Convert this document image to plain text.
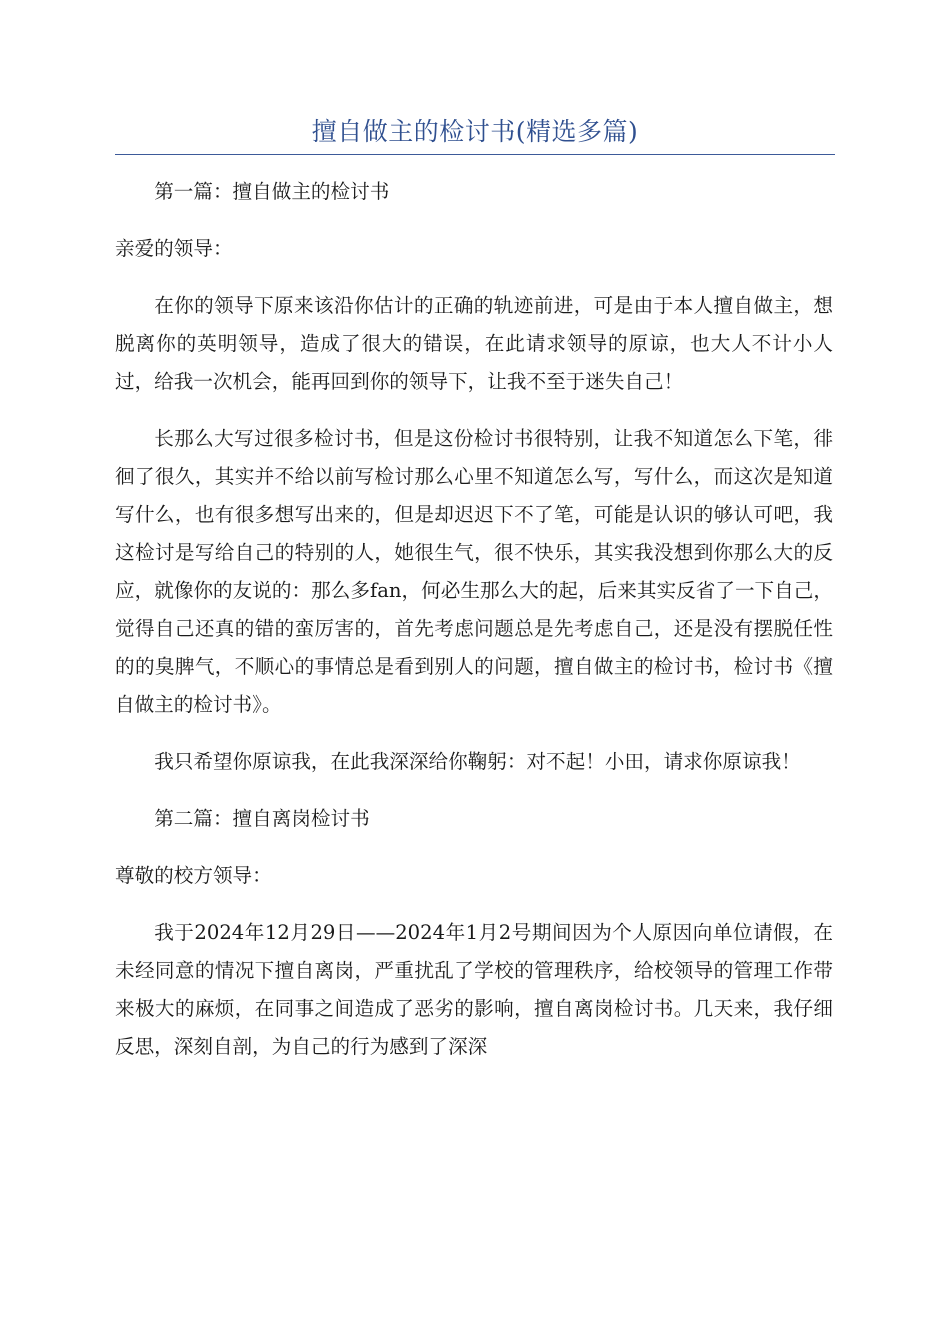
擅自做主的检讨书(精选多篇)

第一篇：擅自做主的检讨书

亲爱的领导：

在你的领导下原来该沿你估计的正确的轨迹前进，可是由于本人擅自做主，想脱离你的英明领导，造成了很大的错误，在此请求领导的原谅，也大人不计小人过，给我一次机会，能再回到你的领导下，让我不至于迷失自己！

长那么大写过很多检讨书，但是这份检讨书很特别，让我不知道怎么下笔，徘徊了很久，其实并不给以前写检讨那么心里不知道怎么写，写什么，而这次是知道写什么，也有很多想写出来的，但是却迟迟下不了笔，可能是认识的够认可吧，我这检讨是写给自己的特别的人，她很生气，很不快乐，其实我没想到你那么大的反应，就像你的友说的：那么多fan，何必生那么大的起，后来其实反省了一下自己，觉得自己还真的错的蛮厉害的，首先考虑问题总是先考虑自己，还是没有摆脱任性的的臭脾气，不顺心的事情总是看到别人的问题，擅自做主的检讨书，检讨书《擅自做主的检讨书》。

我只希望你原谅我，在此我深深给你鞠躬：对不起！小田，请求你原谅我！

第二篇：擅自离岗检讨书

尊敬的校方领导：

我于2024年12月29日——2024年1月2号期间因为个人原因向单位请假，在未经同意的情况下擅自离岗，严重扰乱了学校的管理秩序，给校领导的管理工作带来极大的麻烦，在同事之间造成了恶劣的影响，擅自离岗检讨书。几天来，我仔细反思，深刻自剖，为自己的行为感到了深深
